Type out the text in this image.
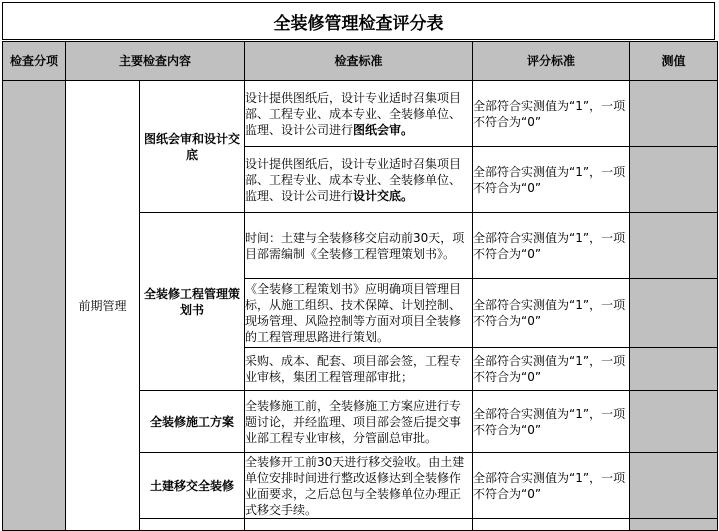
全装修管理检查评分表
检查分项	主要检查内容		检查标准	评分标准	测值
	前期管理	图纸会审和设计交底	设计提供图纸后，设计专业适时召集项目部、工程专业、成本专业、全装修单位、监理、设计公司进行图纸会审。	全部符合实测值为“1”，一项不符合为“0”	
			设计提供图纸后，设计专业适时召集项目部、工程专业、成本专业、全装修单位、监理、设计公司进行设计交底。	全部符合实测值为“1”，一项不符合为“0”	
		全装修工程管理策划书	时间：土建与全装修移交启动前30天，项目部需编制《全装修工程管理策划书》。	全部符合实测值为“1”，一项不符合为“0”	
			《全装修工程策划书》应明确项目管理目标，从施工组织、技术保障、计划控制、现场管理、风险控制等方面对项目全装修的工程管理思路进行策划。	全部符合实测值为“1”，一项不符合为“0”	
			采购、成本、配套、项目部会签，工程专业审核，集团工程管理部审批；	全部符合实测值为“1”，一项不符合为“0”	
		全装修施工方案	全装修施工前，全装修施工方案应进行专题讨论，并经监理、项目部会签后提交事业部工程专业审核，分管副总审批。	全部符合实测值为“1”，一项不符合为“0”	
		土建移交全装修	全装修开工前30天进行移交验收。由土建单位安排时间进行整改返修达到全装修作业面要求，之后总包与全装修单位办理正式移交手续。	全部符合实测值为“1”，一项不符合为“0”	
